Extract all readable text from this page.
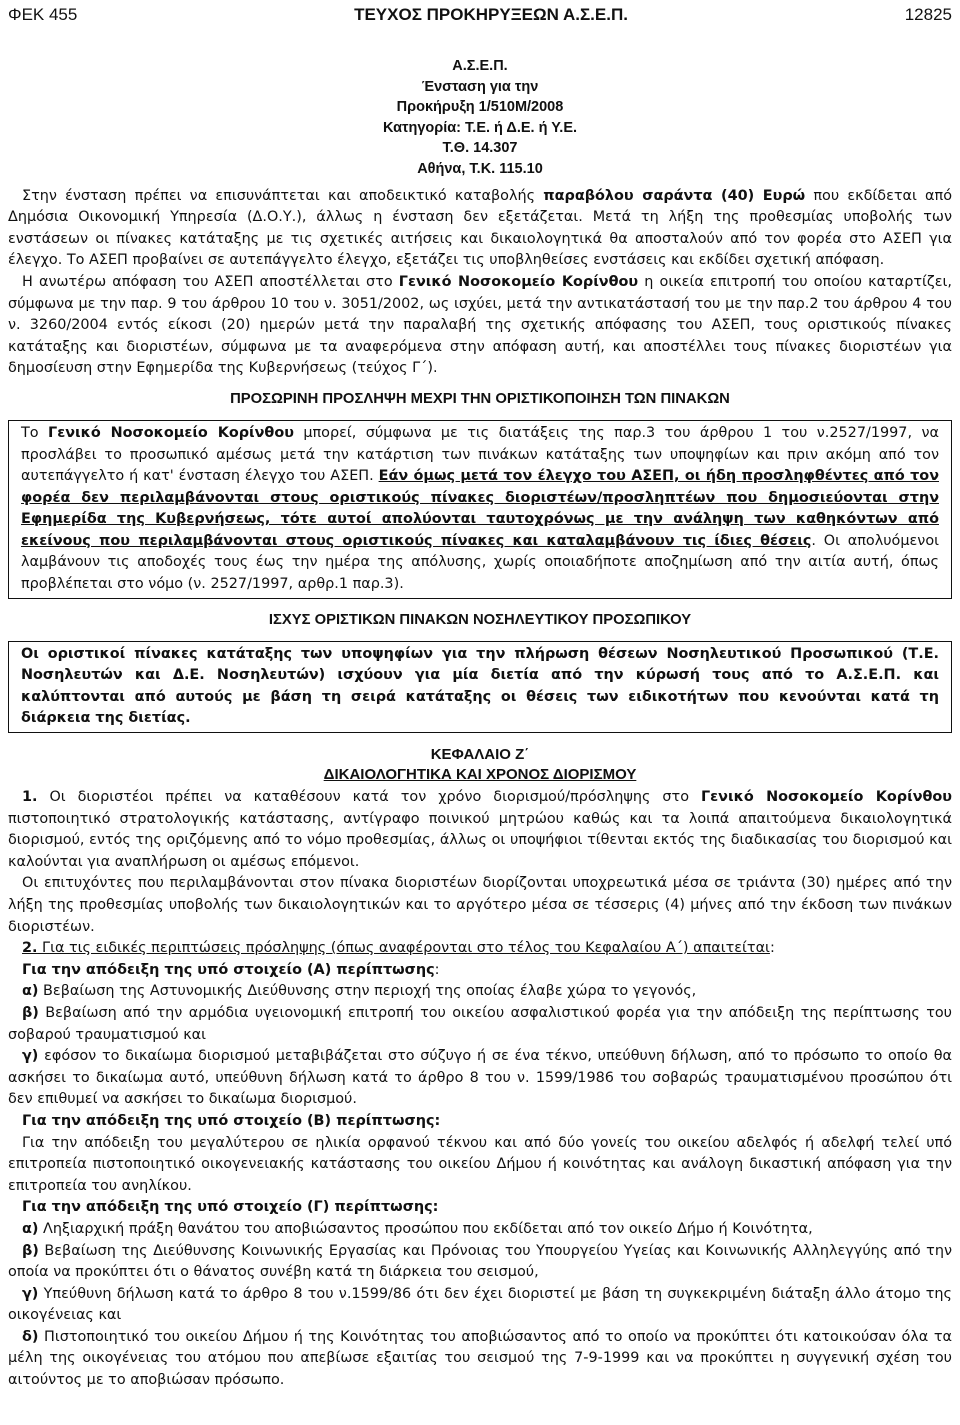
ΦΕΚ 455	ΤΕΥΧΟΣ ΠΡΟΚΗΡΥΞΕΩΝ Α.Σ.Ε.Π.	12825
Α.Σ.Ε.Π.
Ένσταση για την
Προκήρυξη 1/510Μ/2008
Κατηγορία: Τ.Ε. ή Δ.Ε. ή Υ.Ε.
Τ.Θ. 14.307
Αθήνα, Τ.Κ. 115.10

Στην ένσταση πρέπει να επισυνάπτεται και αποδεικτικό καταβολής παραβόλου σαράντα (40) Ευρώ που εκδίδεται από Δημόσια Οικονομική Υπηρεσία (Δ.Ο.Υ.), άλλως η ένσταση δεν εξετάζεται. Μετά τη λήξη της προθεσμίας υποβολής των ενστάσεων οι πίνακες κατάταξης με τις σχετικές αιτήσεις και δικαιολογητικά θα αποσταλούν από τον φορέα στο ΑΣΕΠ για έλεγχο. Το ΑΣΕΠ προβαίνει σε αυτεπάγγελτο έλεγχο, εξετάζει τις υποβληθείσες ενστάσεις και εκδίδει σχετική απόφαση.

Η ανωτέρω απόφαση του ΑΣΕΠ αποστέλλεται στο Γενικό Νοσοκομείο Κορίνθου η οικεία επιτροπή του οποίου καταρτίζει, σύμφωνα με την παρ. 9 του άρθρου 10 του ν. 3051/2002, ως ισχύει, μετά την αντικατάστασή του με την παρ.2 του άρθρου 4 του ν. 3260/2004 εντός είκοσι (20) ημερών μετά την παραλαβή της σχετικής απόφασης του ΑΣΕΠ, τους οριστικούς πίνακες κατάταξης και διοριστέων, σύμφωνα με τα αναφερόμενα στην απόφαση αυτή, και αποστέλλει τους πίνακες διοριστέων για δημοσίευση στην Εφημερίδα της Κυβερνήσεως (τεύχος Γ΄).

ΠΡΟΣΩΡΙΝΗ ΠΡΟΣΛΗΨΗ ΜΕΧΡΙ ΤΗΝ ΟΡΙΣΤΙΚΟΠΟΙΗΣΗ ΤΩΝ ΠΙΝΑΚΩΝ

Το Γενικό Νοσοκομείο Κορίνθου μπορεί, σύμφωνα με τις διατάξεις της παρ.3 του άρθρου 1 του ν.2527/1997, να προσλάβει το προσωπικό αμέσως μετά την κατάρτιση των πινάκων κατάταξης των υποψηφίων και πριν ακόμη από τον αυτεπάγγελτο ή κατ' ένσταση έλεγχο του ΑΣΕΠ. Εάν όμως μετά τον έλεγχο του ΑΣΕΠ, οι ήδη προσληφθέντες από τον φορέα δεν περιλαμβάνονται στους οριστικούς πίνακες διοριστέων/προσληπτέων που δημοσιεύονται στην Εφημερίδα της Κυβερνήσεως, τότε αυτοί απολύονται ταυτοχρόνως με την ανάληψη των καθηκόντων από εκείνους που περιλαμβάνονται στους οριστικούς πίνακες και καταλαμβάνουν τις ίδιες θέσεις. Οι απολυόμενοι λαμβάνουν τις αποδοχές τους έως την ημέρα της απόλυσης, χωρίς οποιαδήποτε αποζημίωση από την αιτία αυτή, όπως προβλέπεται στο νόμο (ν. 2527/1997, αρθρ.1 παρ.3).

ΙΣΧΥΣ ΟΡΙΣΤΙΚΩΝ ΠΙΝΑΚΩΝ ΝΟΣΗΛΕΥΤΙΚΟΥ ΠΡΟΣΩΠΙΚΟΥ

Οι οριστικοί πίνακες κατάταξης των υποψηφίων για την πλήρωση θέσεων Νοσηλευτικού Προσωπικού (Τ.Ε. Νοσηλευτών και Δ.Ε. Νοσηλευτών) ισχύουν για μία διετία από την κύρωσή τους από το Α.Σ.Ε.Π. και καλύπτονται από αυτούς με βάση τη σειρά κατάταξης οι θέσεις των ειδικοτήτων που κενούνται κατά τη διάρκεια της διετίας.

ΚΕΦΑΛΑΙΟ Ζ΄
ΔΙΚΑΙΟΛΟΓΗΤΙΚΑ ΚΑΙ ΧΡΟΝΟΣ ΔΙΟΡΙΣΜΟΥ

1. Οι διοριστέοι πρέπει να καταθέσουν κατά τον χρόνο διορισμού/πρόσληψης στο Γενικό Νοσοκομείο Κορίνθου πιστοποιητικό στρατολογικής κατάστασης, αντίγραφο ποινικού μητρώου καθώς και τα λοιπά απαιτούμενα δικαιολογητικά διορισμού, εντός της οριζόμενης από το νόμο προθεσμίας, άλλως οι υποψήφιοι τίθενται εκτός της διαδικασίας του διορισμού και καλούνται για αναπλήρωση οι αμέσως επόμενοι.

Οι επιτυχόντες που περιλαμβάνονται στον πίνακα διοριστέων διορίζονται υποχρεωτικά μέσα σε τριάντα (30) ημέρες από την λήξη της προθεσμίας υποβολής των δικαιολογητικών και το αργότερο μέσα σε τέσσερις (4) μήνες από την έκδοση των πινάκων διοριστέων.

2. Για τις ειδικές περιπτώσεις πρόσληψης (όπως αναφέρονται στο τέλος του Κεφαλαίου Α΄) απαιτείται:

Για την απόδειξη της υπό στοιχείο (Α) περίπτωσης:

α) Βεβαίωση της Αστυνομικής Διεύθυνσης στην περιοχή της οποίας έλαβε χώρα το γεγονός,

β) Βεβαίωση από την αρμόδια υγειονομική επιτροπή του οικείου ασφαλιστικού φορέα για την απόδειξη της περίπτωσης του σοβαρού τραυματισμού και

γ) εφόσον το δικαίωμα διορισμού μεταβιβάζεται στο σύζυγο ή σε ένα τέκνο, υπεύθυνη δήλωση, από το πρόσωπο το οποίο θα ασκήσει το δικαίωμα αυτό, υπεύθυνη δήλωση κατά το άρθρο 8 του ν. 1599/1986 του σοβαρώς τραυματισμένου προσώπου ότι δεν επιθυμεί να ασκήσει το δικαίωμα διορισμού.

Για την απόδειξη της υπό στοιχείο (Β) περίπτωσης:

Για την απόδειξη του μεγαλύτερου σε ηλικία ορφανού τέκνου και από δύο γονείς του οικείου αδελφός ή αδελφή τελεί υπό επιτροπεία πιστοποιητικό οικογενειακής κατάστασης του οικείου Δήμου ή κοινότητας και ανάλογη δικαστική απόφαση για την επιτροπεία του ανηλίκου.

Για την απόδειξη της υπό στοιχείο (Γ) περίπτωσης:

α) Ληξιαρχική πράξη θανάτου του αποβιώσαντος προσώπου που εκδίδεται από τον οικείο Δήμο ή Κοινότητα,

β) Βεβαίωση της Διεύθυνσης Κοινωνικής Εργασίας και Πρόνοιας του Υπουργείου Υγείας και Κοινωνικής Αλληλεγγύης από την οποία να προκύπτει ότι ο θάνατος συνέβη κατά τη διάρκεια του σεισμού,

γ) Υπεύθυνη δήλωση κατά το άρθρο 8 του ν.1599/86 ότι δεν έχει διοριστεί με βάση τη συγκεκριμένη διάταξη άλλο άτομο της οικογένειας και

δ) Πιστοποιητικό του οικείου Δήμου ή της Κοινότητας του αποβιώσαντος από το οποίο να προκύπτει ότι κατοικούσαν όλα τα μέλη της οικογένειας του ατόμου που απεβίωσε εξαιτίας του σεισμού της 7-9-1999 και να προκύπτει η συγγενική σχέση του αιτούντος με το αποβιώσαν πρόσωπο.
